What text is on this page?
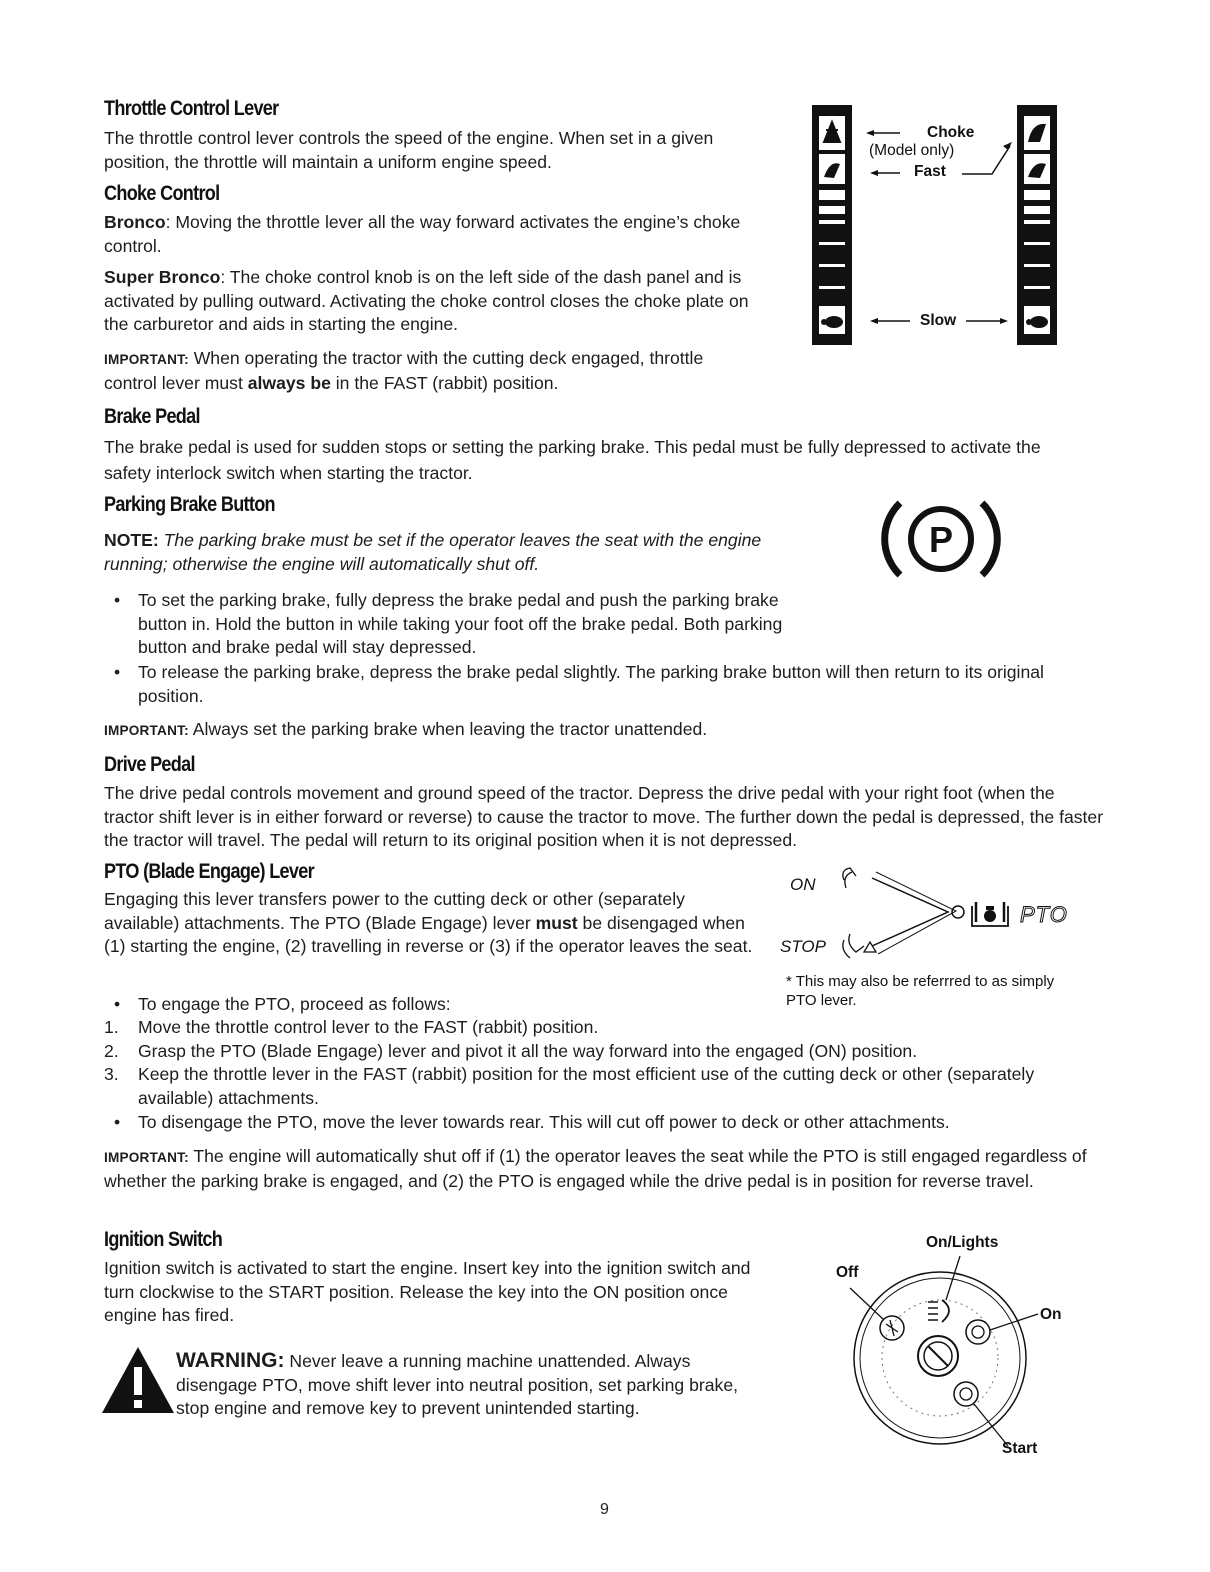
Throttle Control Lever

The throttle control lever controls the speed of the engine. When set in a given position, the throttle will maintain a uniform engine speed.

Choke Control

Bronco: Moving the throttle lever all the way forward activates the engine’s choke control.

Super Bronco: The choke control knob is on the left side of the dash panel and is activated by pulling outward. Activating the choke control closes the choke plate on the carburetor and aids in starting the engine.

IMPORTANT: When operating the tractor with the cutting deck engaged, throttle control lever must always be in the FAST (rabbit) position.

Choke
(Model only)
Fast
Slow
Brake Pedal

The brake pedal is used for sudden stops or setting the parking brake. This pedal must be fully depressed to activate the safety interlock switch when starting the tractor.

Parking Brake Button

NOTE: The parking brake must be set if the operator leaves the seat with the engine running; otherwise the engine will automatically shut off.

P
• To set the parking brake, fully depress the brake pedal and push the parking brake button in. Hold the button in while taking your foot off the brake pedal. Both parking button and brake pedal will stay depressed.
• To release the parking brake, depress the brake pedal slightly. The parking brake button will then return to its original position.

IMPORTANT: Always set the parking brake when leaving the tractor unattended.

Drive Pedal

The drive pedal controls movement and ground speed of the tractor. Depress the drive pedal with your right foot (when the tractor shift lever is in either forward or reverse) to cause the tractor to move. The further down the pedal is depressed, the faster the tractor will travel. The pedal will return to its original position when it is not depressed.

PTO (Blade Engage) Lever

Engaging this lever transfers power to the cutting deck or other (separately available) attachments. The PTO (Blade Engage) lever must be disengaged when (1) starting the engine, (2) travelling in reverse or (3) if the operator leaves the seat.

ON
STOP
PTO
* This may also be referrred to as simply PTO lever.
• To engage the PTO, proceed as follows:
1. Move the throttle control lever to the FAST (rabbit) position.
2. Grasp the PTO (Blade Engage) lever and pivot it all the way forward into the engaged (ON) position.
3. Keep the throttle lever in the FAST (rabbit) position for the most efficient use of the cutting deck or other (separately available) attachments.
• To disengage the PTO, move the lever towards rear. This will cut off power to deck or other attachments.

IMPORTANT: The engine will automatically shut off if (1) the operator leaves the seat while the PTO is still engaged regardless of whether the parking brake is engaged, and (2) the PTO is engaged while the drive pedal is in position for reverse travel.

Ignition Switch

Ignition switch is activated to start the engine. Insert key into the ignition switch and turn clockwise to the START position. Release the key into the ON position once engine has fired.

WARNING: Never leave a running machine unattended. Always disengage PTO, move shift lever into neutral position, set parking brake, stop engine and remove key to prevent unintended starting.

On/Lights
Off
On
Start
9
